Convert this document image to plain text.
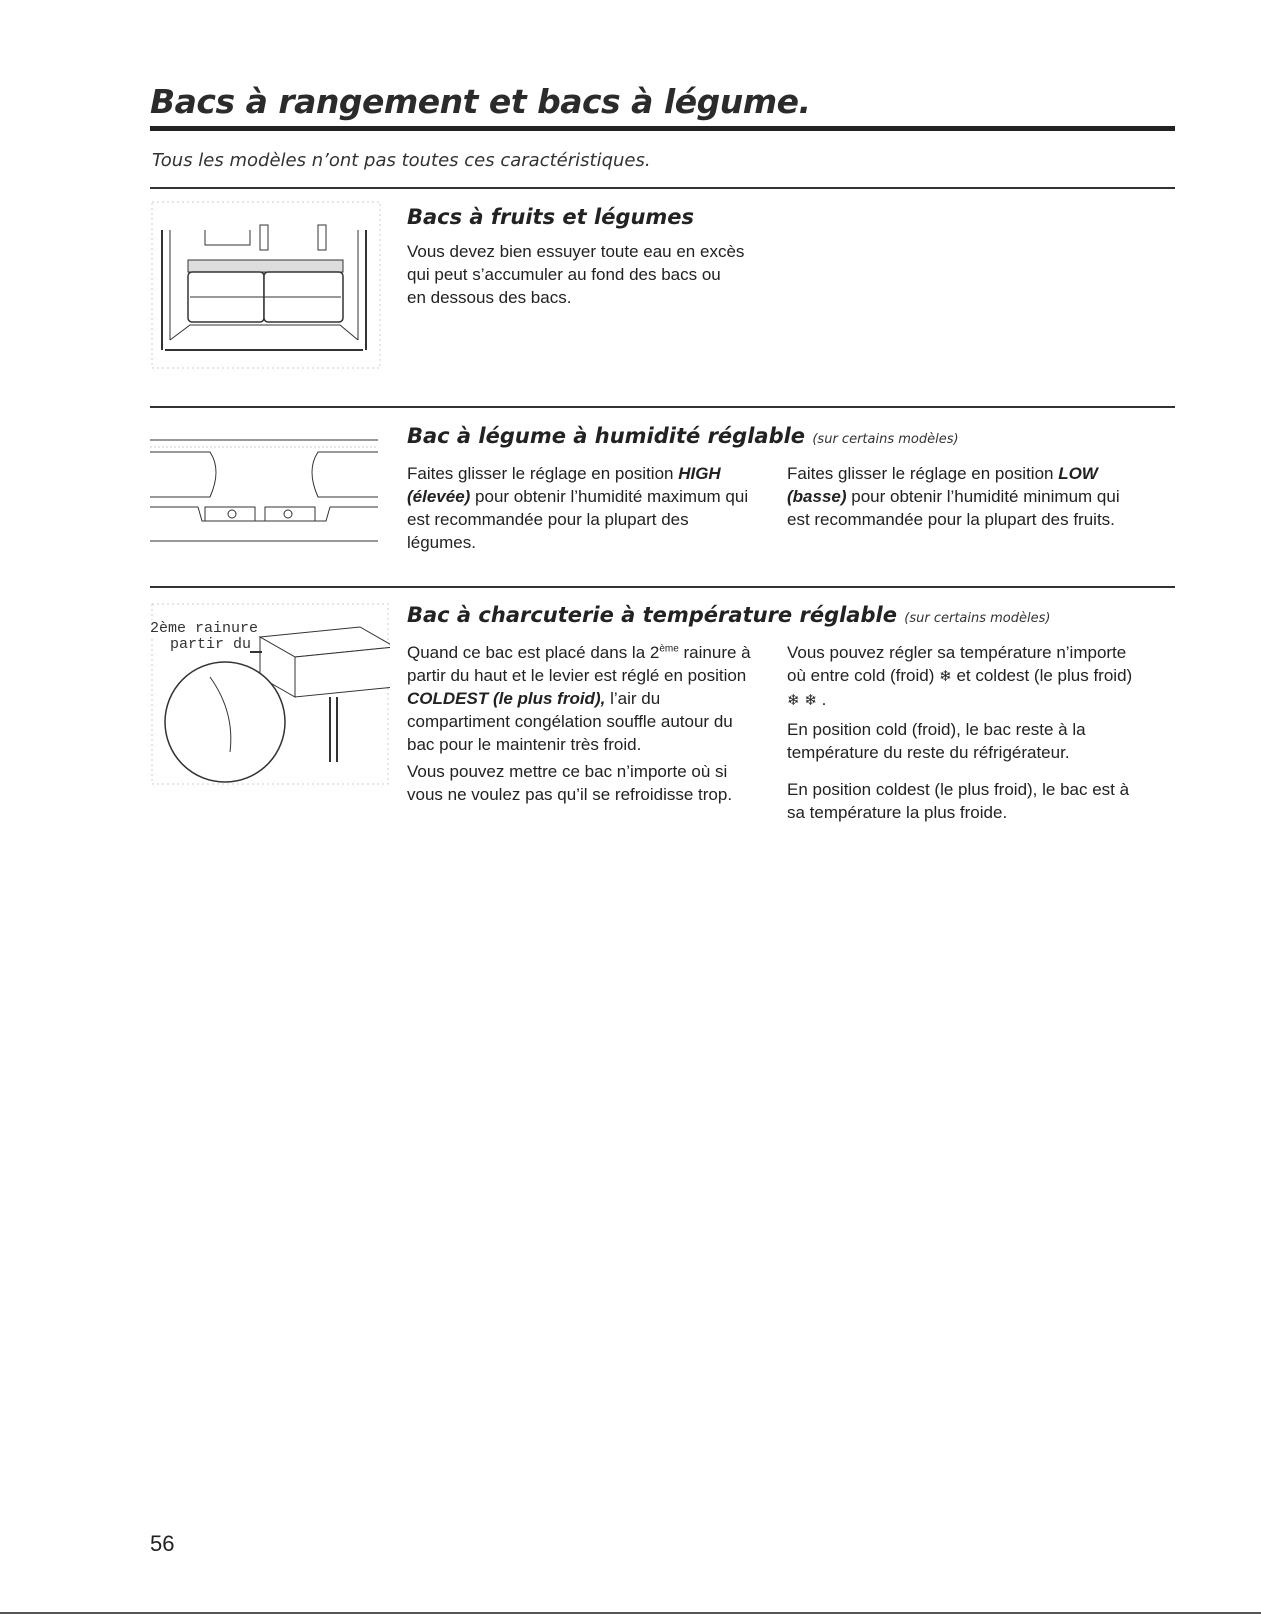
Bacs à rangement et bacs à légume.
Tous les modèles n’ont pas toutes ces caractéristiques.
Bacs à fruits et légumes
Vous devez bien essuyer toute eau en excès
qui peut s’accumuler au fond des bacs ou
en dessous des bacs.
Bac à légume à humidité réglable (sur certains modèles)

Faites glisser le réglage en position HIGH (élevée) pour obtenir l’humidité maximum qui est recommandée pour la plupart des légumes.

Faites glisser le réglage en position LOW (basse) pour obtenir l’humidité minimum qui est recommandée pour la plupart des fruits.

2ème rainure
partir du
Bac à charcuterie à température réglable (sur certains modèles)

Quand ce bac est placé dans la 2ème rainure à partir du haut et le levier est réglé en position COLDEST (le plus froid), l’air du compartiment congélation souffle autour du bac pour le maintenir très froid.

Vous pouvez mettre ce bac n’importe où si vous ne voulez pas qu’il se refroidisse trop.

Vous pouvez régler sa température n’importe où entre cold (froid) ❄ et coldest (le plus froid) ❄ ❄ .

En position cold (froid), le bac reste à la température du reste du réfrigérateur.

En position coldest (le plus froid), le bac est à sa température la plus froide.

56
